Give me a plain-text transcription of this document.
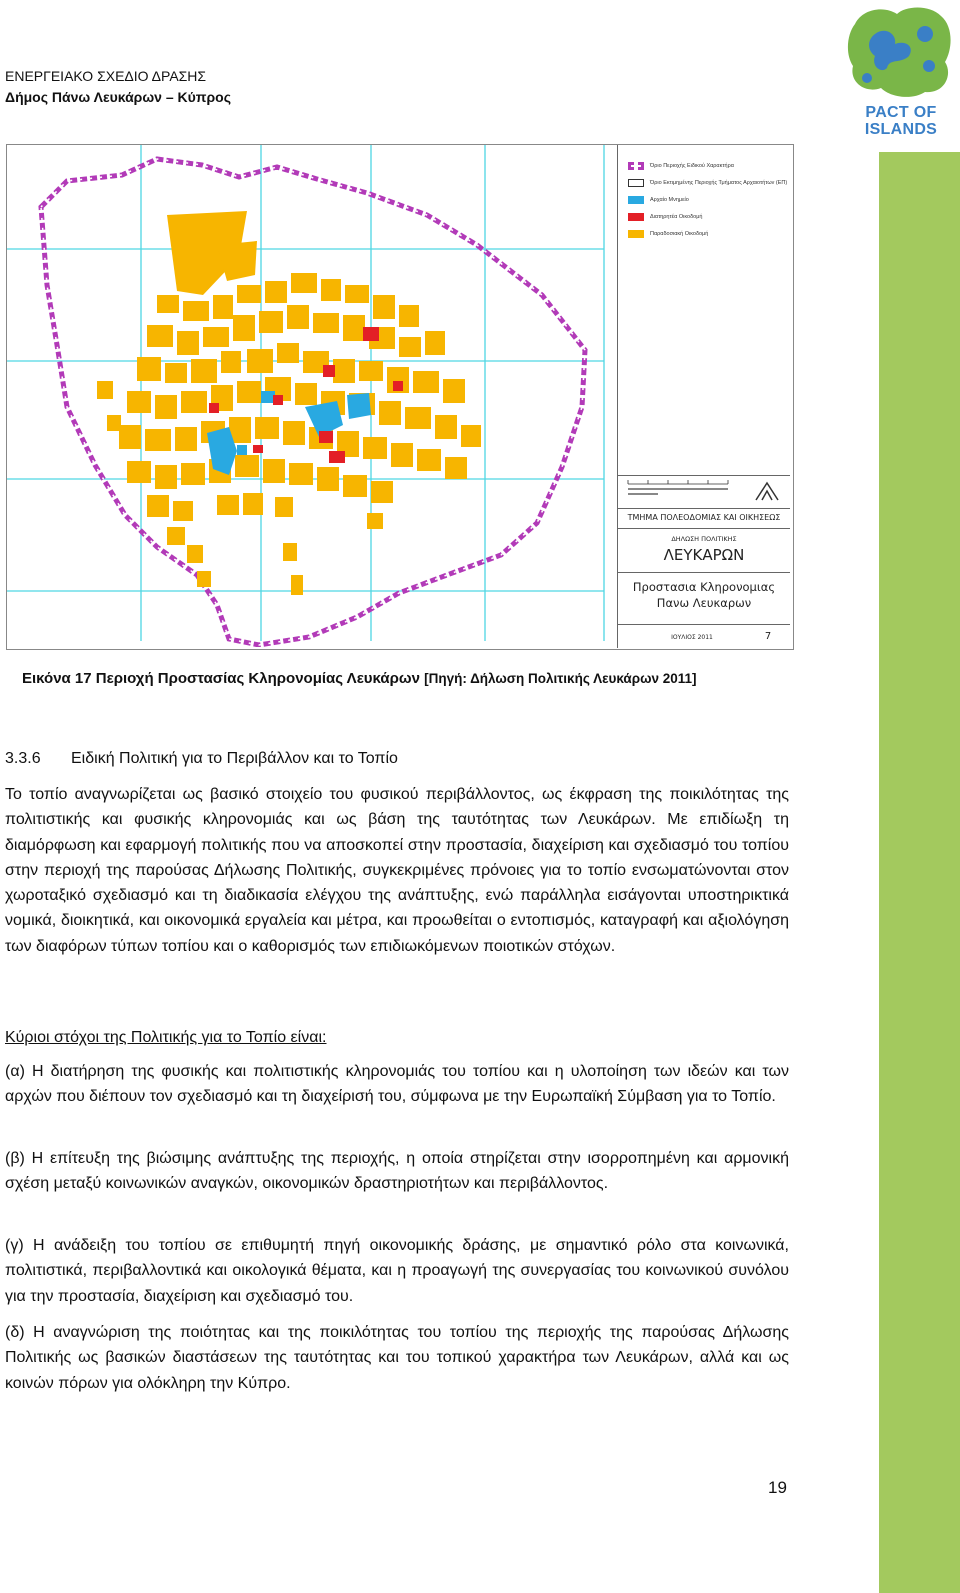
ΕΝΕΡΓΕΙΑΚΟ ΣΧΕΔΙΟ ΔΡΑΣΗΣ
Δήμος Πάνω Λευκάρων – Κύπρος
PACT OF
ISLANDS
Όριο Περιοχής Ειδικού Χαρακτήρα
Όριο Εκτιμημένης Περιοχής Τμήματος Αρχαιοτήτων (ΕΠ)
Αρχαίο Μνημείο
Διατηρητέα Οικοδομή
Παραδοσιακή Οικοδομή
ΤΜΗΜΑ ΠΟΛΕΟΔΟΜΙΑΣ ΚΑΙ ΟΙΚΗΣΕΩΣ
ΔΗΛΩΣΗ ΠΟΛΙΤΙΚΗΣ
ΛΕΥΚΑΡΩΝ
Προστασια Κληρονομιας
Πανω Λευκαρων
ΙΟΥΛΙΟΣ 2011	7
Εικόνα 17 Περιοχή Προστασίας Κληρονομίας Λευκάρων [Πηγή: Δήλωση Πολιτικής Λευκάρων 2011]
3.3.6 Ειδική Πολιτική για το Περιβάλλον και το Τοπίο

Το τοπίο αναγνωρίζεται ως βασικό στοιχείο του φυσικού περιβάλλοντος, ως έκφραση της ποικιλότητας της πολιτιστικής και φυσικής κληρονομιάς και ως βάση της ταυτότητας των Λευκάρων. Με επιδίωξη τη διαμόρφωση και εφαρμογή πολιτικής που να αποσκοπεί στην προστασία, διαχείριση και σχεδιασμό του τοπίου στην περιοχή της παρούσας Δήλωσης Πολιτικής, συγκεκριμένες πρόνοιες για το τοπίο ενσωματώνονται στον χωροταξικό σχεδιασμό και τη διαδικασία ελέγχου της ανάπτυξης, ενώ παράλληλα εισάγονται υποστηρικτικά νομικά, διοικητικά, και οικονομικά εργαλεία και μέτρα, και προωθείται ο εντοπισμός, καταγραφή και αξιολόγηση των διαφόρων τύπων τοπίου και ο καθορισμός των επιδιωκόμενων ποιοτικών στόχων.

Κύριοι στόχοι της Πολιτικής για το Τοπίο είναι:

(α) Η διατήρηση της φυσικής και πολιτιστικής κληρονομιάς του τοπίου και η υλοποίηση των ιδεών και των αρχών που διέπουν τον σχεδιασμό και τη διαχείρισή του, σύμφωνα με την Ευρωπαϊκή Σύμβαση για το Τοπίο.

(β) Η επίτευξη της βιώσιμης ανάπτυξης της περιοχής, η οποία στηρίζεται στην ισορροπημένη και αρμονική σχέση μεταξύ κοινωνικών αναγκών, οικονομικών δραστηριοτήτων και περιβάλλοντος.

(γ) Η ανάδειξη του τοπίου σε επιθυμητή πηγή οικονομικής δράσης, με σημαντικό ρόλο στα κοινωνικά, πολιτιστικά, περιβαλλοντικά και οικολογικά θέματα, και η προαγωγή της συνεργασίας του κοινωνικού συνόλου για την προστασία, διαχείριση και σχεδιασμό του.

(δ) Η αναγνώριση της ποιότητας και της ποικιλότητας του τοπίου της περιοχής της παρούσας Δήλωσης Πολιτικής ως βασικών διαστάσεων της ταυτότητας και του τοπικού χαρακτήρα των Λευκάρων, αλλά και ως κοινών πόρων για ολόκληρη την Κύπρο.

19
